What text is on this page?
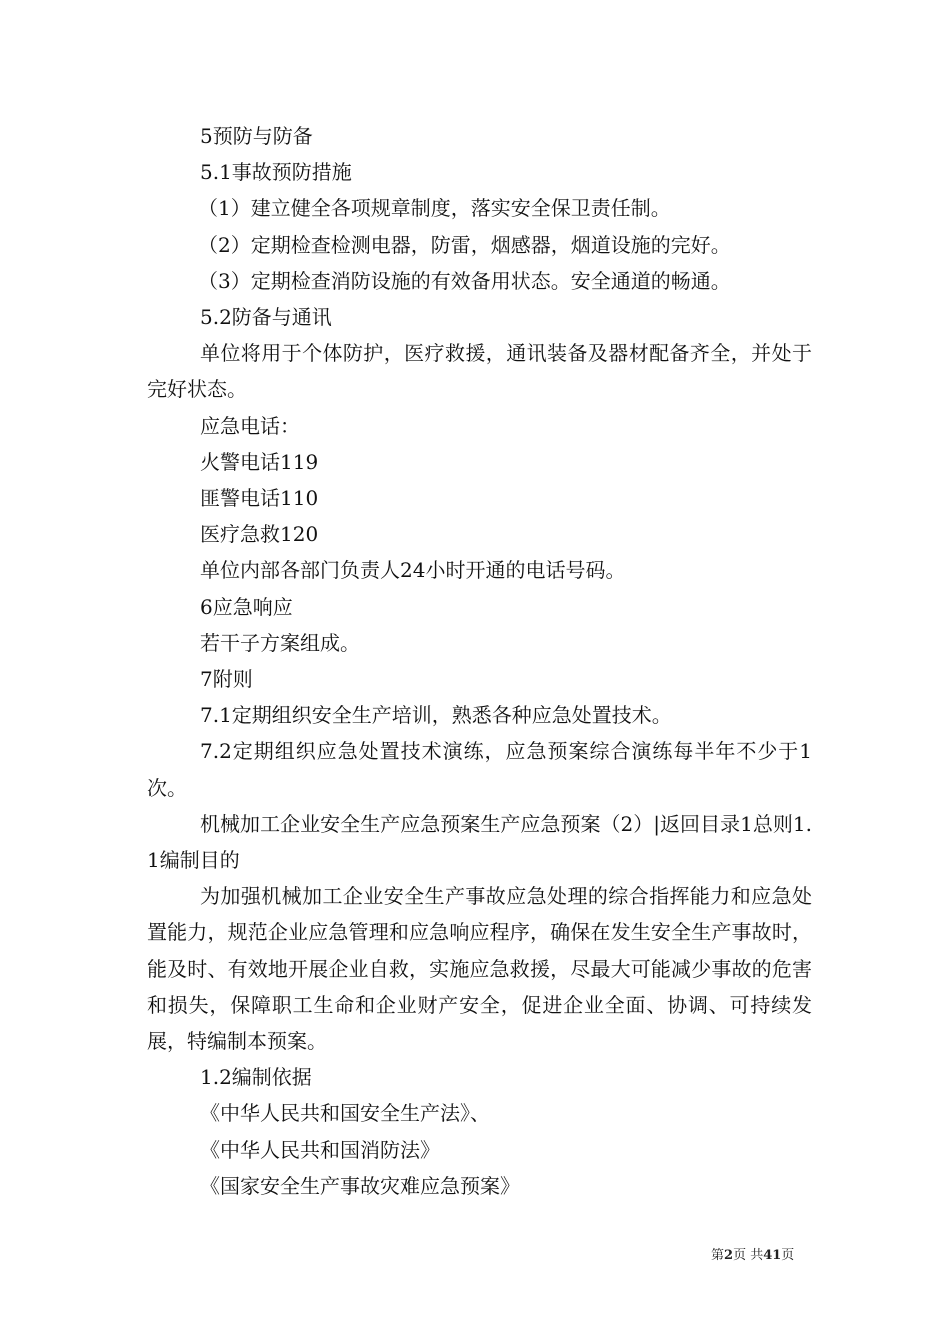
5预防与防备

5.1事故预防措施

（1）建立健全各项规章制度，落实安全保卫责任制。

（2）定期检查检测电器，防雷，烟感器，烟道设施的完好。

（3）定期检查消防设施的有效备用状态。安全通道的畅通。

5.2防备与通讯

单位将用于个体防护，医疗救援，通讯装备及器材配备齐全，并处于完好状态。

应急电话：

火警电话119

匪警电话110

医疗急救120

单位内部各部门负责人24小时开通的电话号码。

6应急响应

若干子方案组成。

7附则

7.1定期组织安全生产培训，熟悉各种应急处置技术。

7.2定期组织应急处置技术演练，应急预案综合演练每半年不少于1次。

机械加工企业安全生产应急预案生产应急预案（2）|返回目录1总则1.1编制目的

为加强机械加工企业安全生产事故应急处理的综合指挥能力和应急处置能力，规范企业应急管理和应急响应程序，确保在发生安全生产事故时，能及时、有效地开展企业自救，实施应急救援，尽最大可能减少事故的危害和损失，保障职工生命和企业财产安全，促进企业全面、协调、可持续发展，特编制本预案。

1.2编制依据

《中华人民共和国安全生产法》、

《中华人民共和国消防法》

《国家安全生产事故灾难应急预案》

第2页 共41页
